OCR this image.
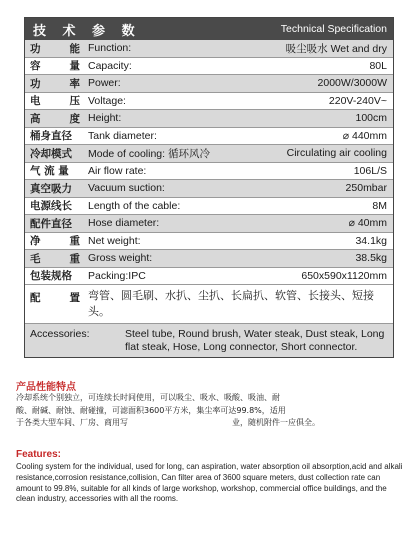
技 术 参 数	Technical Specification
功	能 Function:	吸尘吸水 Wet and dry
容	量 Capacity:	80L
功	率 Power:	2000W/3000W
电	压 Voltage:	220V-240V~
高	度 Height:	100cm
桶身直径	Tank diameter:	⌀ 440mm
冷却模式	Mode of cooling: 循环风冷	Circulating air cooling
气 流 量	Air flow rate:	106L/S
真空吸力	Vacuum suction:	250mbar
电源线长	Length of the cable:	8M
配件直径	Hose diameter:	⌀ 40mm
净	重 Net weight:	34.1kg
毛	重 Gross weight:	38.5kg
包装规格	Packing:IPC	650x590x1120mm
配	置 弯管、圆毛刷、水扒、尘扒、长扁扒、软管、长接头、短接头。
Accessories:	Steel tube, Round brush, Water steak, Dust steak, Long flat steak, Hose, Long connector, Short connector.
产品性能特点
冷却系统个别独立，可连续长时间使用，可以吸尘、吸水、吸酸、吸油、耐
酸、耐碱、耐蚀、耐碰撞，可滤面积3600平方米，集尘率可达99.8%，适用
于各类大型车间、厂房、商用写	业，随机附件一应俱全。
Features:
Cooling system for the individual, used for long, can aspiration, water absorption oil absorption,acid and alkali resistance,corrosion resistance,collision, Can filter area of 3600 square meters, dust collection rate can amount to 99.8%, suitable for all kinds of large workshop, workshop, commercial office buildings, and the clean industry, accessories with all the rooms.
